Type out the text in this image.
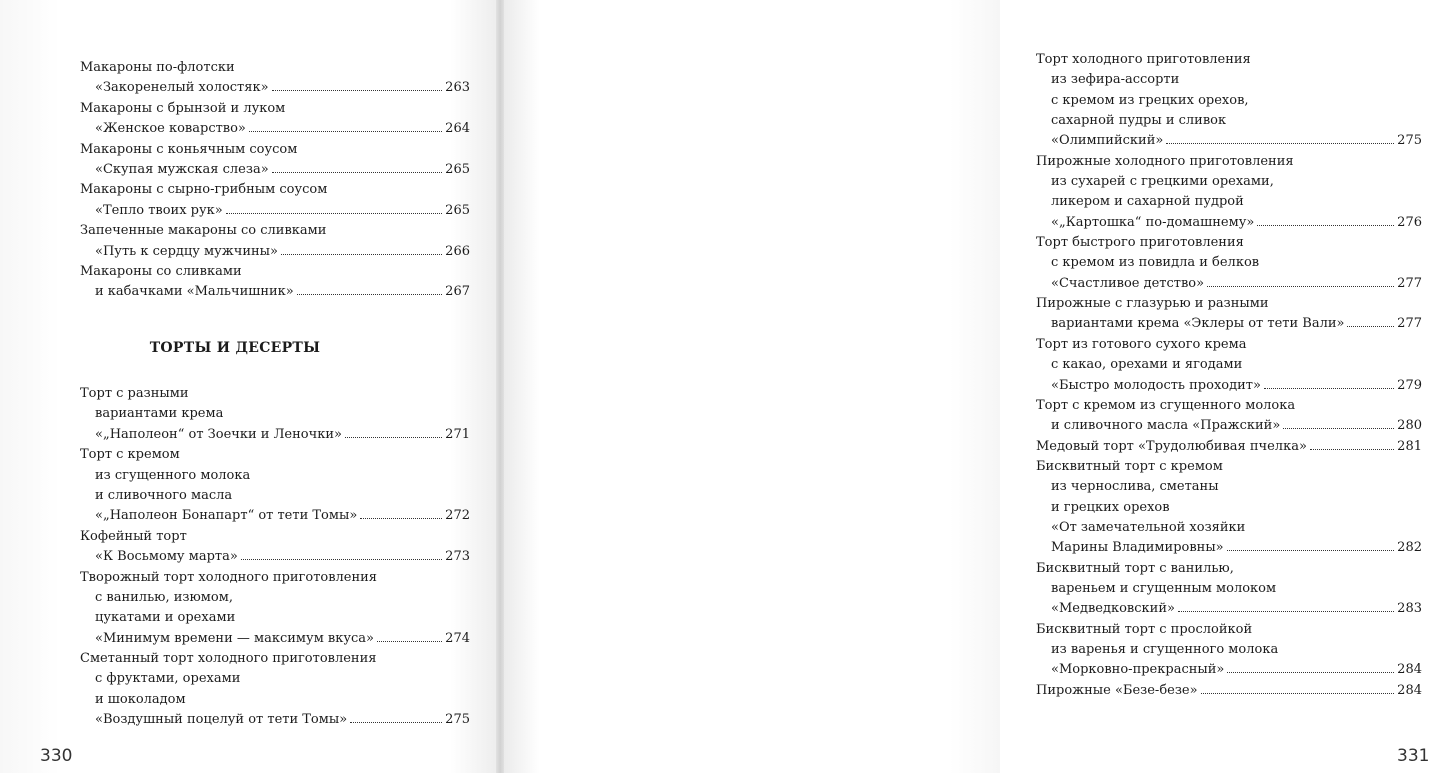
Макароны по-флотски
«Закоренелый холостяк»	263
Макароны с брынзой и луком
«Женское коварство»	264
Макароны с коньячным соусом
«Скупая мужская слеза»	265
Макароны с сырно-грибным соусом
«Тепло твоих рук»	265
Запеченные макароны со сливками
«Путь к сердцу мужчины»	266
Макароны со сливками
и кабачками «Мальчишник»	267
ТОРТЫ И ДЕСЕРТЫ
Торт с разными
вариантами крема
«„Наполеон“ от Зоечки и Леночки»	271
Торт с кремом
из сгущенного молока
и сливочного масла
«„Наполеон Бонапарт“ от тети Томы»	272
Кофейный торт
«К Восьмому марта»	273
Творожный торт холодного приготовления
с ванилью, изюмом,
цукатами и орехами
«Минимум времени — максимум вкуса»	274
Сметанный торт холодного приготовления
с фруктами, орехами
и шоколадом
«Воздушный поцелуй от тети Томы»	275
330
Торт холодного приготовления
из зефира-ассорти
с кремом из грецких орехов,
сахарной пудры и сливок
«Олимпийский»	275
Пирожные холодного приготовления
из сухарей с грецкими орехами,
ликером и сахарной пудрой
«„Картошка“ по-домашнему»	276
Торт быстрого приготовления
с кремом из повидла и белков
«Счастливое детство»	277
Пирожные с глазурью и разными
вариантами крема «Эклеры от тети Вали»	277
Торт из готового сухого крема
с какао, орехами и ягодами
«Быстро молодость проходит»	279
Торт с кремом из сгущенного молока
и сливочного масла «Пражский»	280
Медовый торт «Трудолюбивая пчелка»	281
Бисквитный торт с кремом
из чернослива, сметаны
и грецких орехов
«От замечательной хозяйки
Марины Владимировны»	282
Бисквитный торт с ванилью,
вареньем и сгущенным молоком
«Медведковский»	283
Бисквитный торт с прослойкой
из варенья и сгущенного молока
«Морковно-прекрасный»	284
Пирожные «Безе-безе»	284
331
